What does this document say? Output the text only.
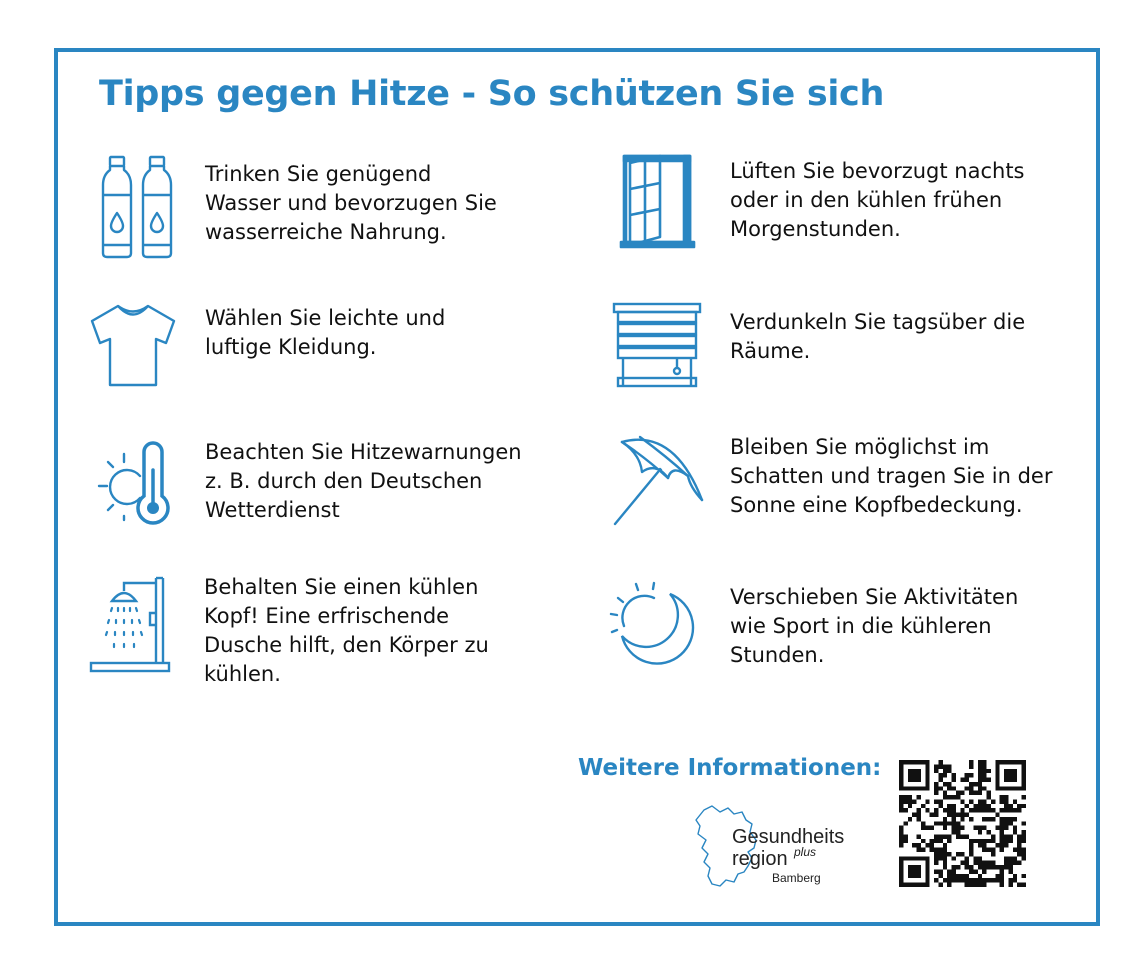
Tipps gegen Hitze - So schützen Sie sich

Trinken Sie genügend
Wasser und bevorzugen Sie
wasserreiche Nahrung.

Wählen Sie leichte und
luftige Kleidung.

Beachten Sie Hitzewarnungen
z. B. durch den Deutschen
Wetterdienst

Behalten Sie einen kühlen
Kopf! Eine erfrischende
Dusche hilft, den Körper zu
kühlen.

Lüften Sie bevorzugt nachts
oder in den kühlen frühen
Morgenstunden.

Verdunkeln Sie tagsüber die
Räume.

Bleiben Sie möglichst im
Schatten und tragen Sie in der
Sonne eine Kopfbedeckung.

Verschieben Sie Aktivitäten
wie Sport in die kühleren
Stunden.

Weitere Informationen:

Gesundheits
region plus
Bamberg
